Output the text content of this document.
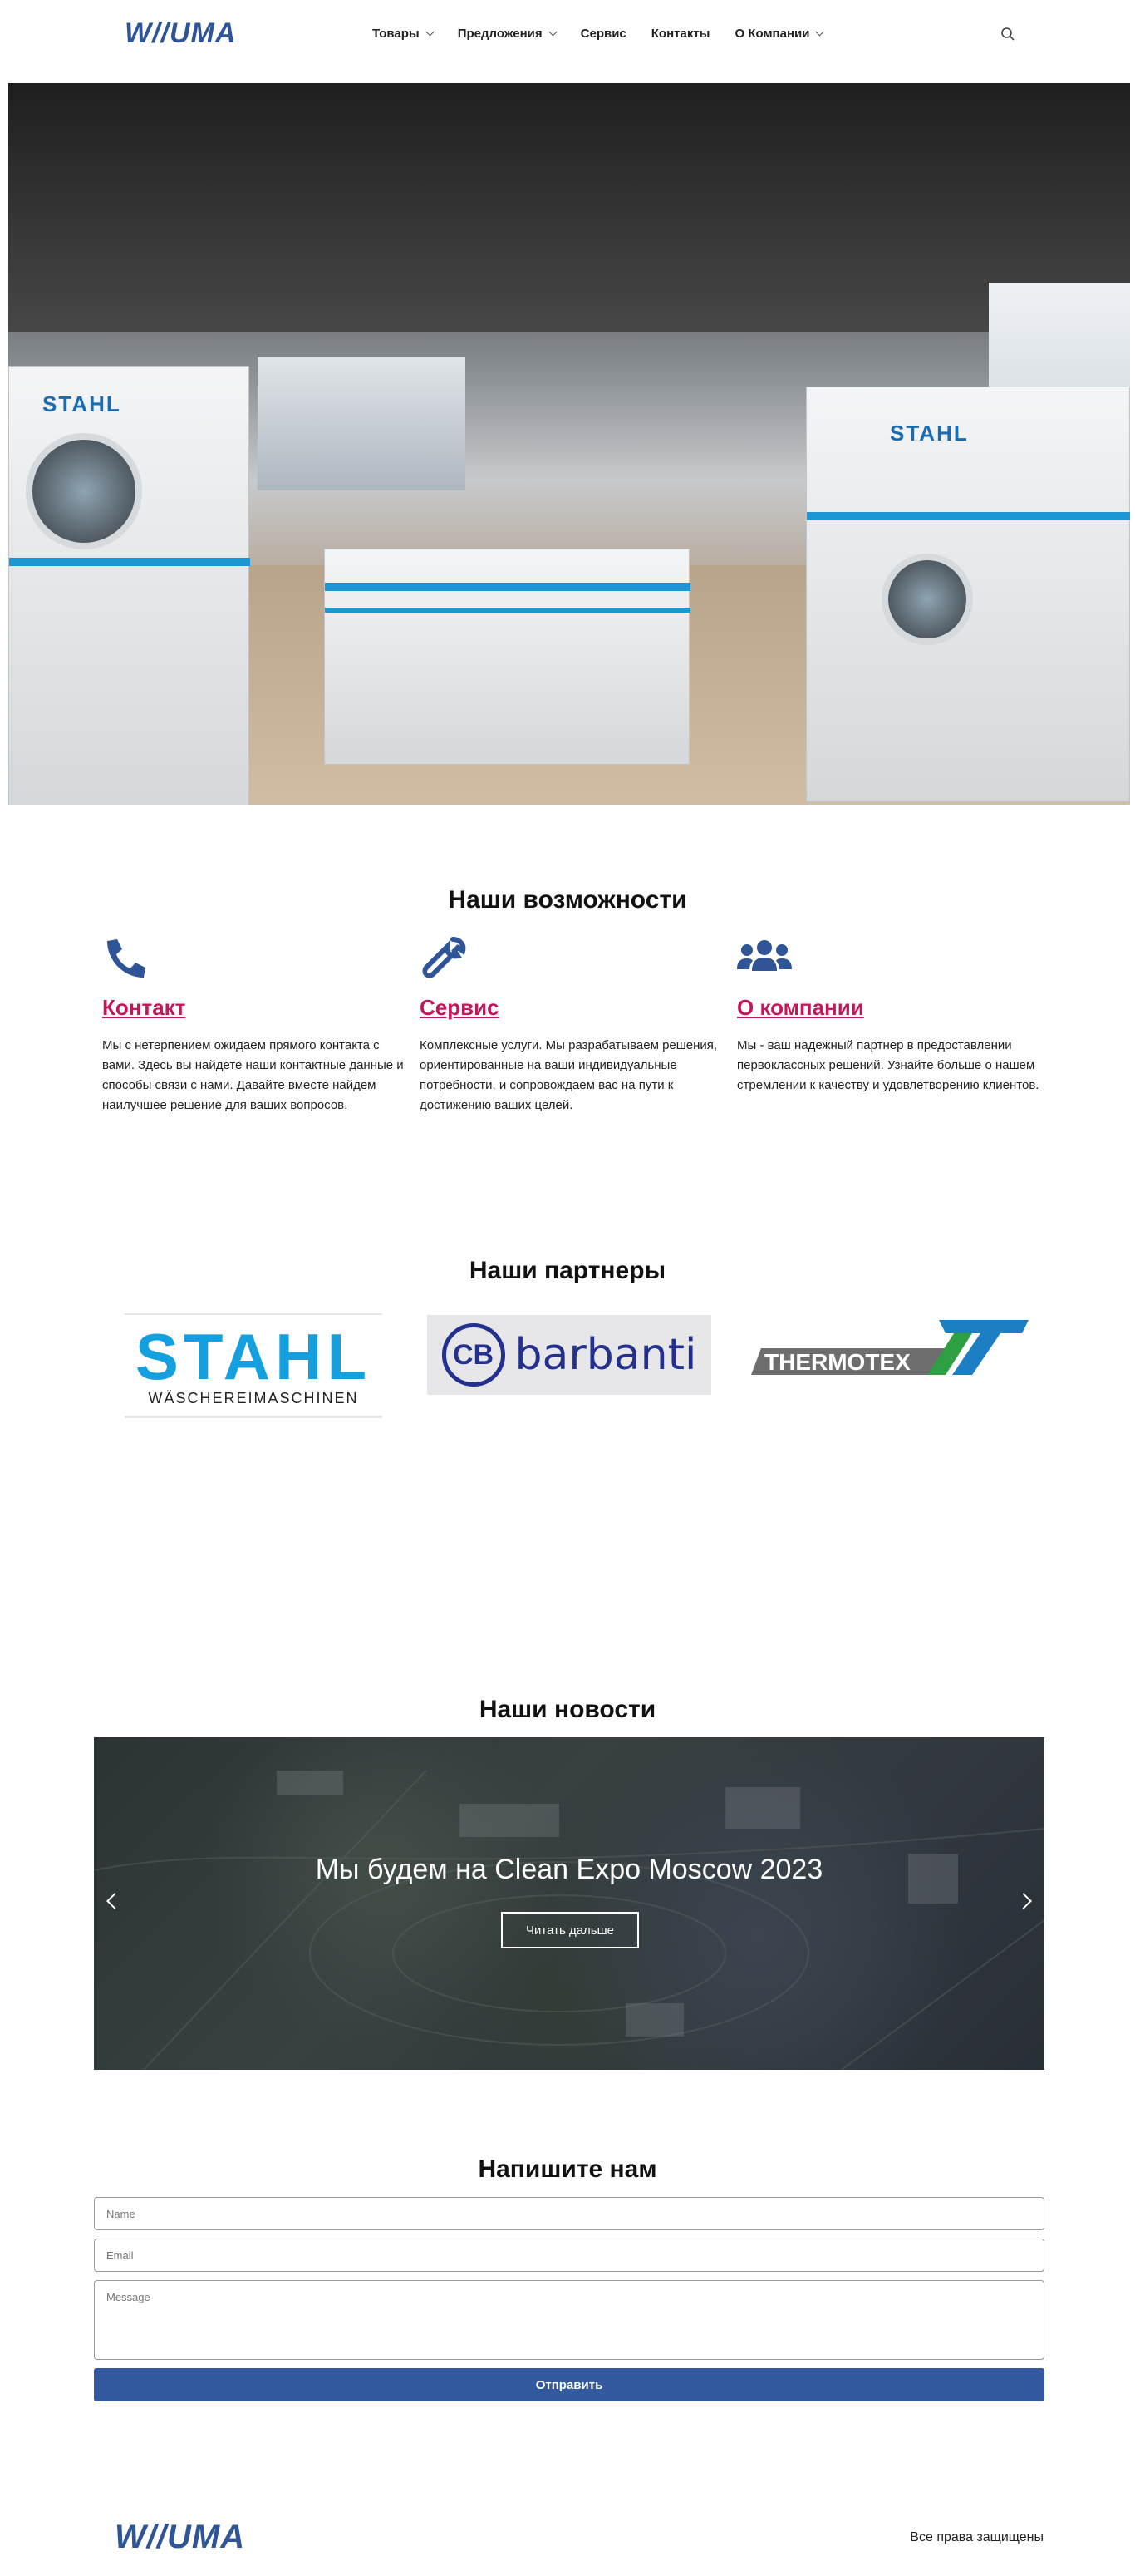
W//UMA	Товары	Предложения	Сервис Контакты О Компании
STAHL
STAHL
Наши возможности
Контакт

Мы с нетерпением ожидаем прямого контакта с вами. Здесь вы найдете наши контактные данные и способы связи с нами. Давайте вместе найдем наилучшее решение для ваших вопросов.

Сервис

Комплексные услуги. Мы разрабатываем решения, ориентированные на ваши индивидуальные потребности, и сопровождаем вас на пути к достижению ваших целей.

О компании

Мы - ваш надежный партнер в предоставлении первоклассных решений. Узнайте больше о нашем стремлении к качеству и удовлетворению клиентов.

Наши партнеры
STAHL
WÄSCHEREIMASCHINEN
CB barbanti	THERMOTEX
Наши новости
Мы будем на Clean Expo Moscow 2023
Читать дальше
Напишите нам
Name
Email
Message
Отправить
W//UMA	Все права защищены
